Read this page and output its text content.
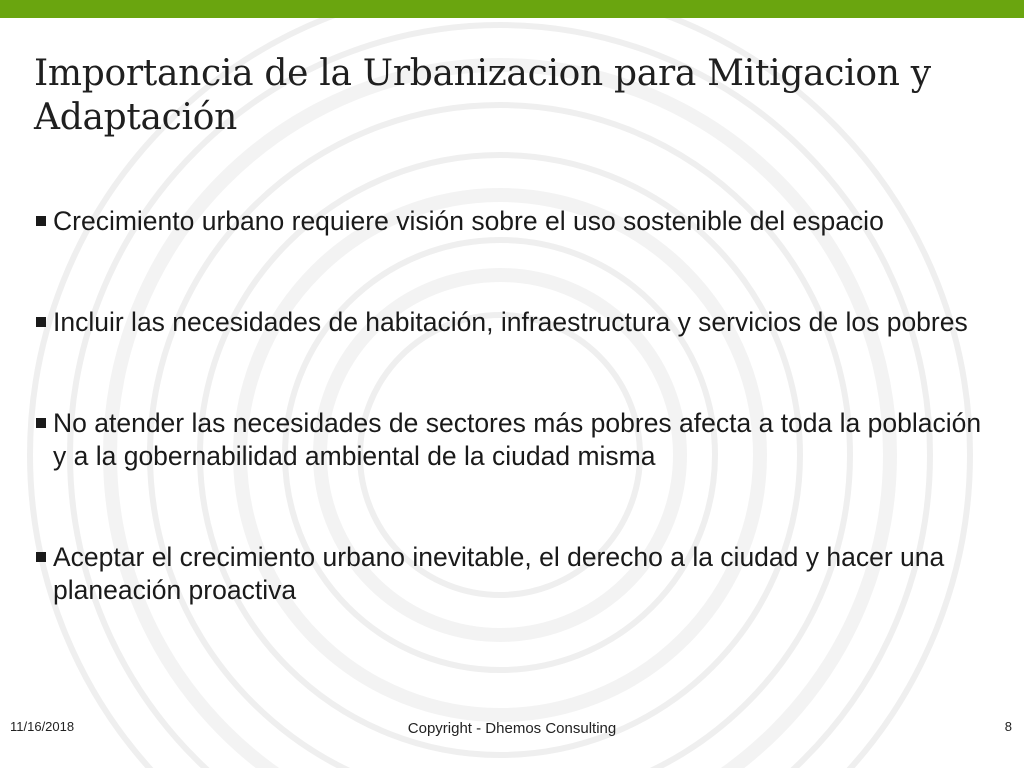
Importancia de la Urbanizacion para Mitigacion y Adaptación
Crecimiento urbano requiere visión sobre el uso sostenible del espacio
Incluir las necesidades de habitación, infraestructura y servicios de los pobres
No atender las necesidades de sectores más pobres afecta a toda la población y a la gobernabilidad ambiental de la ciudad misma
Aceptar el crecimiento urbano inevitable, el derecho a la ciudad y hacer una planeación proactiva
11/16/2018	Copyright - Dhemos Consulting	8
